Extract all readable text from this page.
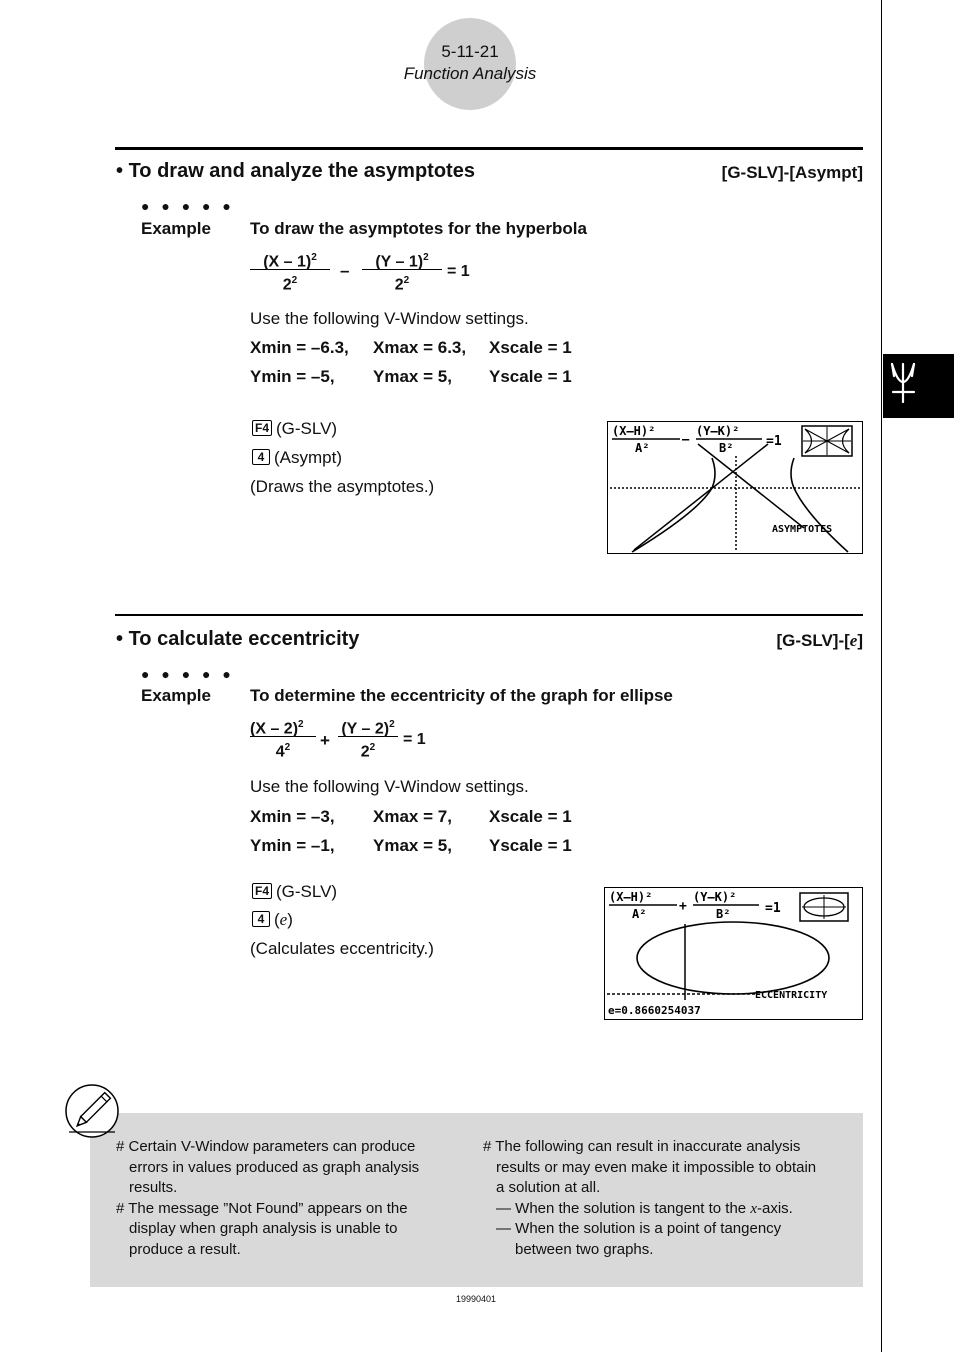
5-11-21
Function Analysis
• To draw and analyze the asymptotes	[G-SLV]-[Asympt]
● ● ● ● ●
Example To draw the asymptotes for the hyperbola
$\frac{(X - 1)^2}{2^2} - \frac{(Y - 1)^2}{2^2} = 1$
Use the following V-Window settings.
Xmin = –6.3, Xmax = 6.3, Xscale = 1
Ymin = –5, Ymax = 5, Yscale = 1
F4 (G-SLV)
4 (Asympt)
(Draws the asymptotes.)
(X–H)²
A²
–
(Y–K)²
B²	=1
ASYMPTOTES
• To calculate eccentricity	[G-SLV]-[e]
● ● ● ● ●
Example To determine the eccentricity of the graph for ellipse
$\frac{(X - 2)^2}{4^2} + \frac{(Y - 2)^2}{2^2} = 1$
Use the following V-Window settings.
Xmin = –3, Xmax = 7, Xscale = 1
Ymin = –1, Ymax = 5, Yscale = 1
F4 (G-SLV)
4 (e)
(Calculates eccentricity.)
(X–H)²
A²	+
(Y–K)²
B²	=1
ECCENTRICITY
e=0.8660254037
# Certain V-Window parameters can produce
errors in values produced as graph analysis
results.
# The message ”Not Found” appears on the
display when graph analysis is unable to
produce a result.
# The following can result in inaccurate analysis
results or may even make it impossible to obtain
a solution at all.
— When the solution is tangent to the x-axis.
— When the solution is a point of tangency
between two graphs.
19990401
